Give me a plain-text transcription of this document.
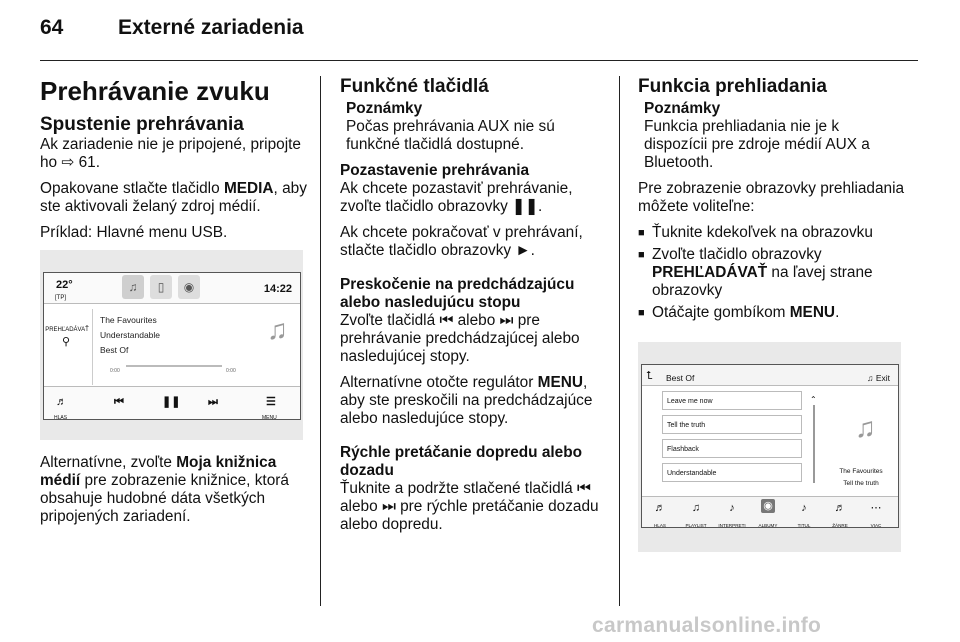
64	Externé zariadenia
Prehrávanie zvuku
Spustenie prehrávania

Ak zariadenie nie je pripojené, pripojte ho ⇨ 61.

Opakovane stlačte tlačidlo MEDIA, aby ste aktivovali želaný zdroj médií.

Príklad: Hlavné menu USB.

22°
[TP]
♫	▯	◉	14:22
PREHĽADÁVAŤ
⚲
The Favourites
Understandable
Best Of
0:00	0:00
♫
♬
HLAS
⏮	❚❚	⏭	☰
MENU

Alternatívne, zvoľte Moja knižnica médií pre zobrazenie knižnice, ktorá obsahuje hudobné dáta všetkých pripojených zariadení.

Funkčné tlačidlá
Poznámky
Počas prehrávania AUX nie sú funkčné tlačidlá dostupné.
Pozastavenie prehrávania

Ak chcete pozastaviť prehrávanie, zvoľte tlačidlo obrazovky ❚❚.

Ak chcete pokračovať v prehrávaní, stlačte tlačidlo obrazovky ►.

Preskočenie na predchádzajúcu alebo nasledujúcu stopu

Zvoľte tlačidlá ⏮ alebo ⏭ pre prehrávanie predchádzajúcej alebo nasledujúcej stopy.

Alternatívne otočte regulátor MENU, aby ste preskočili na predchádzajúce alebo nasledujúce stopy.

Rýchle pretáčanie dopredu alebo dozadu

Ťuknite a podržte stlačené tlačidlá ⏮ alebo ⏭ pre rýchle pretáčanie dozadu alebo dopredu.

Funkcia prehliadania
Poznámky
Funkcia prehliadania nie je k dispozícii pre zdroje médií AUX a Bluetooth.

Pre zobrazenie obrazovky prehliadania môžete voliteľne:

■ Ťuknite kdekoľvek na obrazovku
■ Zvoľte tlačidlo obrazovky PREHĽADÁVAŤ na ľavej strane obrazovky
■ Otáčajte gombíkom MENU.
⮤ Best Of	♫ Exit
Leave me now
Tell the truth
Flashback
Understandable
⌃
♫
The Favourites
Tell the truth
♬
HLAS
♫
PLAYLIST
♪
INTERPRETI
◉
ALBUMY
♪
TITUL
♬
ŽÁNRE
⋯
VIAC
carmanualsonline.info
